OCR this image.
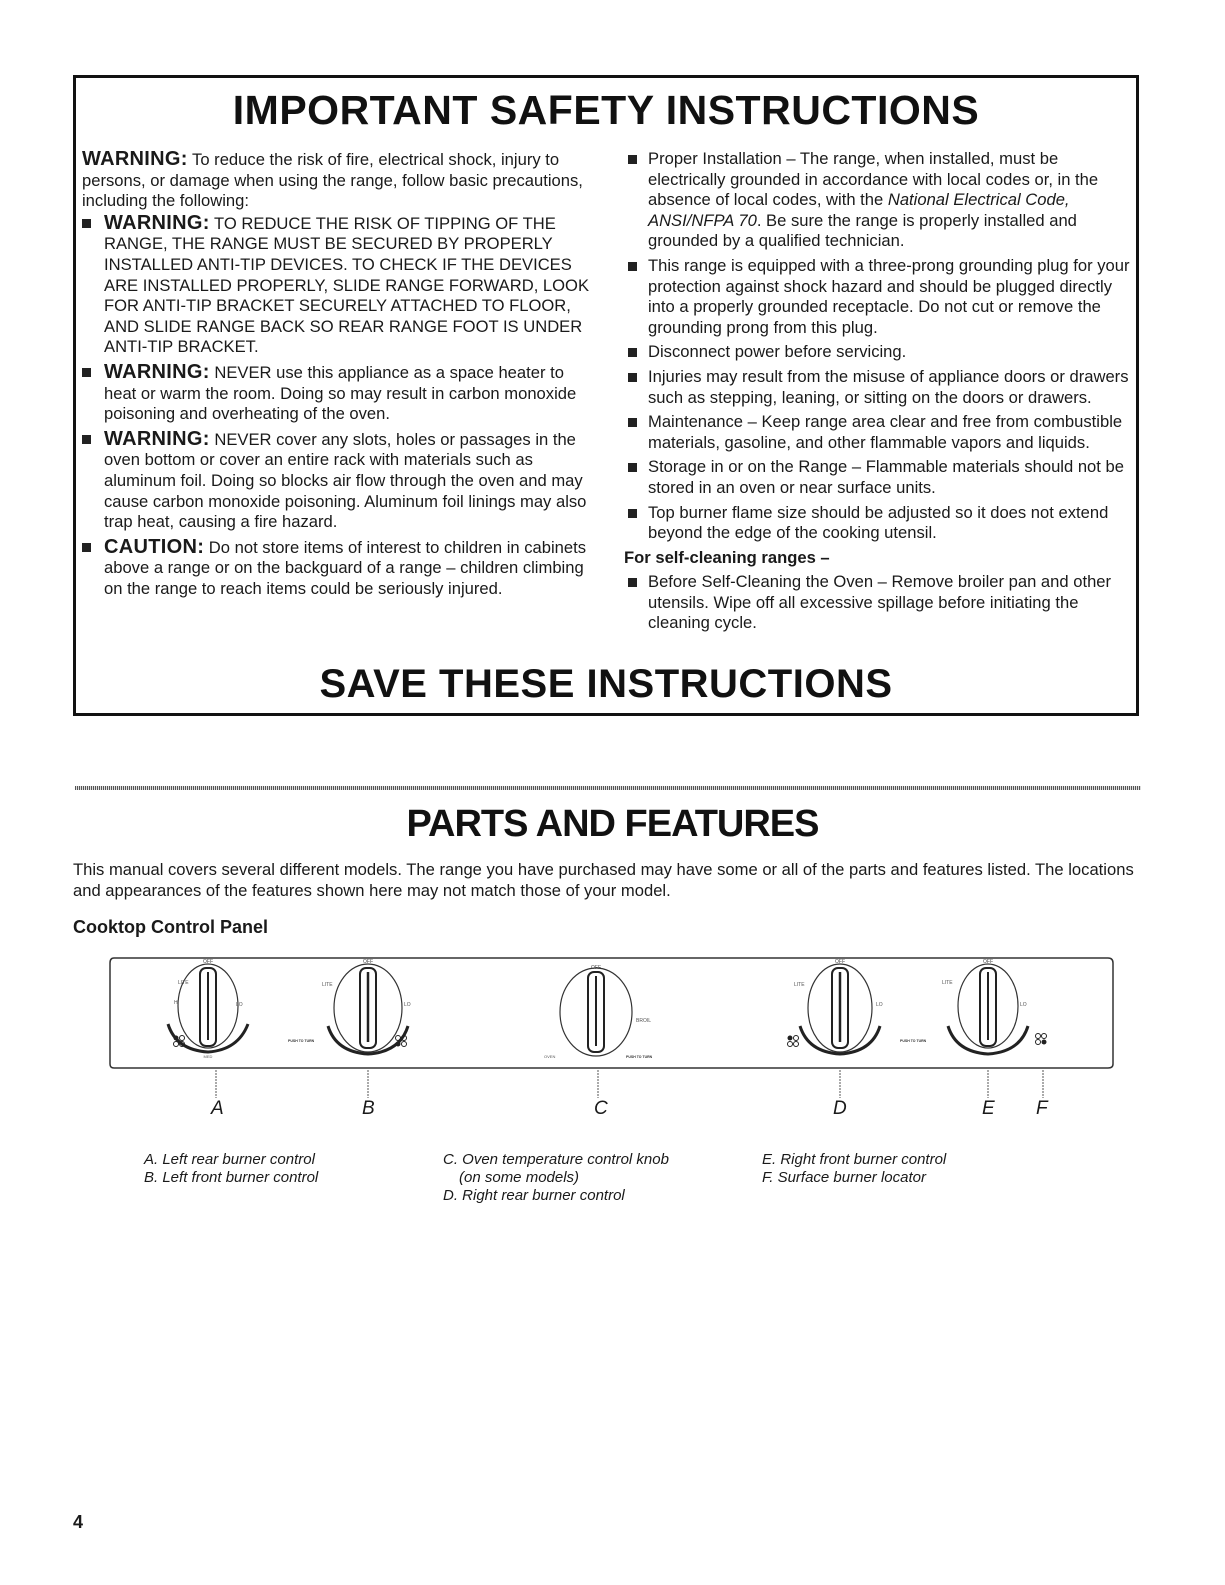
IMPORTANT SAFETY INSTRUCTIONS

WARNING: To reduce the risk of fire, electrical shock, injury to persons, or damage when using the range, follow basic precautions, including the following:

WARNING: TO REDUCE THE RISK OF TIPPING OF THE RANGE, THE RANGE MUST BE SECURED BY PROPERLY INSTALLED ANTI-TIP DEVICES. TO CHECK IF THE DEVICES ARE INSTALLED PROPERLY, SLIDE RANGE FORWARD, LOOK FOR ANTI-TIP BRACKET SECURELY ATTACHED TO FLOOR, AND SLIDE RANGE BACK SO REAR RANGE FOOT IS UNDER ANTI-TIP BRACKET.
WARNING: NEVER use this appliance as a space heater to heat or warm the room. Doing so may result in carbon monoxide poisoning and overheating of the oven.
WARNING: NEVER cover any slots, holes or passages in the oven bottom or cover an entire rack with materials such as aluminum foil. Doing so blocks air flow through the oven and may cause carbon monoxide poisoning. Aluminum foil linings may also trap heat, causing a fire hazard.
CAUTION: Do not store items of interest to children in cabinets above a range or on the backguard of a range – children climbing on the range to reach items could be seriously injured.
Proper Installation – The range, when installed, must be electrically grounded in accordance with local codes or, in the absence of local codes, with the National Electrical Code, ANSI/NFPA 70. Be sure the range is properly installed and grounded by a qualified technician.
This range is equipped with a three-prong grounding plug for your protection against shock hazard and should be plugged directly into a properly grounded receptacle. Do not cut or remove the grounding prong from this plug.
Disconnect power before servicing.
Injuries may result from the misuse of appliance doors or drawers such as stepping, leaning, or sitting on the doors or drawers.
Maintenance – Keep range area clear and free from combustible materials, gasoline, and other flammable vapors and liquids.
Storage in or on the Range – Flammable materials should not be stored in an oven or near surface units.
Top burner flame size should be adjusted so it does not extend beyond the edge of the cooking utensil.
For self-cleaning ranges –
Before Self-Cleaning the Oven – Remove broiler pan and other utensils. Wipe off all excessive spillage before initiating the cleaning cycle.
SAVE THESE INSTRUCTIONS
PARTS AND FEATURES
This manual covers several different models. The range you have purchased may have some or all of the parts and features listed. The locations and appearances of the features shown here may not match those of your model.
Cooktop Control Panel
OFF
LITE
HI	LO
MED
OFF
LITE
LO
PUSH TO TURN
OFF
BROIL
OVEN	PUSH TO TURN
OFF
LITE
LO
PUSH TO TURN
OFF
LITE
LO
A	B	C	D	E F
A. Left rear burner control
B. Left front burner control
C. Oven temperature control knob
(on some models)
D. Right rear burner control
E. Right front burner control
F. Surface burner locator
4
